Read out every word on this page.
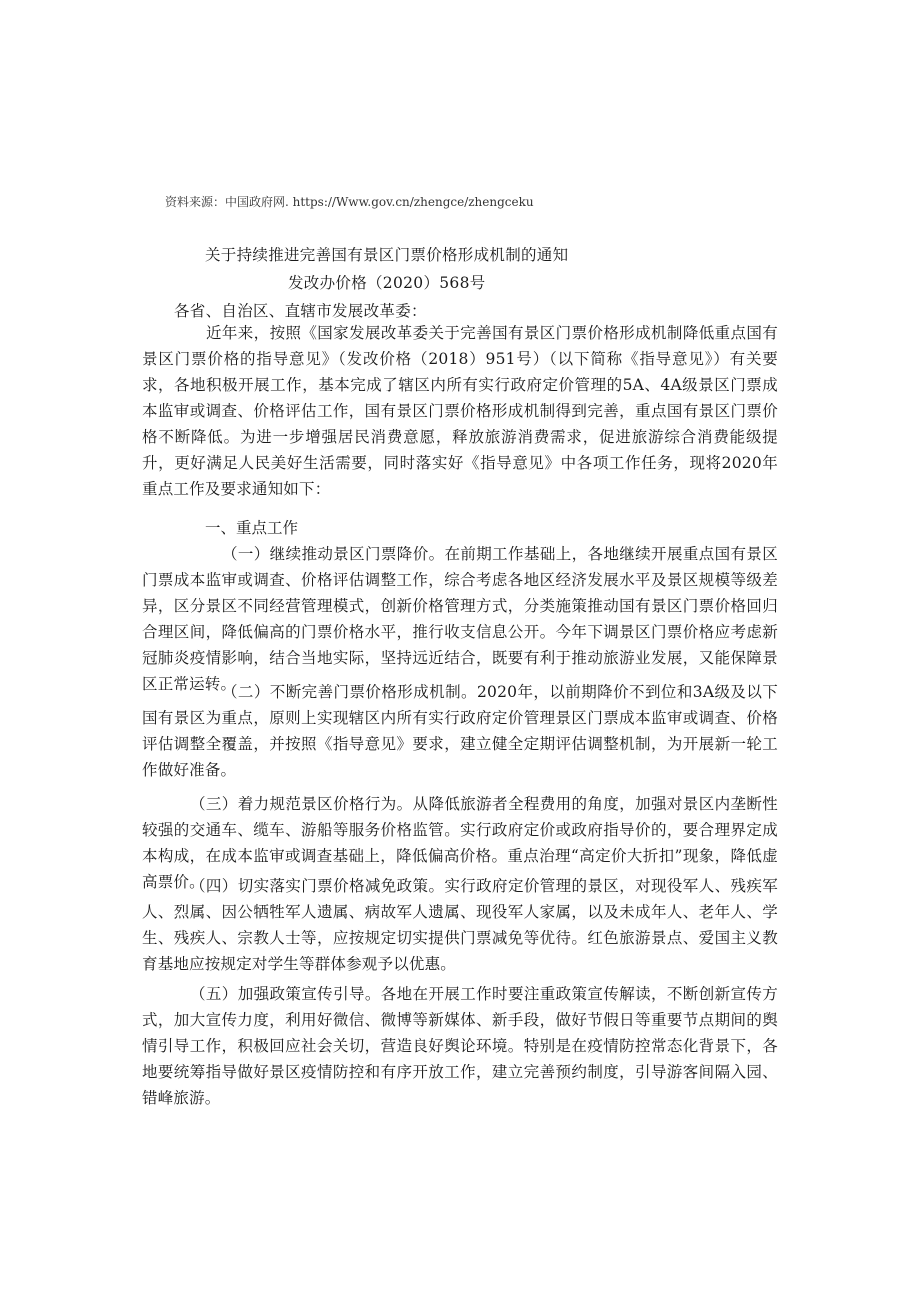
资料来源：中国政府网. https://Www.gov.cn/zhengce/zhengceku
关于持续推进完善国有景区门票价格形成机制的通知
发改办价格（2020）568号
各省、自治区、直辖市发展改革委：
近年来，按照《国家发展改革委关于完善国有景区门票价格形成机制降低重点国有景区门票价格的指导意见》（发改价格（2018）951号）（以下简称《指导意见》）有关要求，各地积极开展工作，基本完成了辖区内所有实行政府定价管理的5A、4A级景区门票成本监审或调查、价格评估工作，国有景区门票价格形成机制得到完善，重点国有景区门票价格不断降低。为进一步增强居民消费意愿，释放旅游消费需求，促进旅游综合消费能级提升，更好满足人民美好生活需要，同时落实好《指导意见》中各项工作任务，现将2020年重点工作及要求通知如下：
一、重点工作
（一）继续推动景区门票降价。在前期工作基础上，各地继续开展重点国有景区门票成本监审或调查、价格评估调整工作，综合考虑各地区经济发展水平及景区规模等级差异，区分景区不同经营管理模式，创新价格管理方式，分类施策推动国有景区门票价格回归合理区间，降低偏高的门票价格水平，推行收支信息公开。今年下调景区门票价格应考虑新冠肺炎疫情影响，结合当地实际，坚持远近结合，既要有利于推动旅游业发展，又能保障景区正常运转。
（二）不断完善门票价格形成机制。2020年，以前期降价不到位和3A级及以下国有景区为重点，原则上实现辖区内所有实行政府定价管理景区门票成本监审或调查、价格评估调整全覆盖，并按照《指导意见》要求，建立健全定期评估调整机制，为开展新一轮工作做好准备。
（三）着力规范景区价格行为。从降低旅游者全程费用的角度，加强对景区内垄断性较强的交通车、缆车、游船等服务价格监管。实行政府定价或政府指导价的，要合理界定成本构成，在成本监审或调查基础上，降低偏高价格。重点治理“高定价大折扣”现象，降低虚高票价。
（四）切实落实门票价格减免政策。实行政府定价管理的景区，对现役军人、残疾军人、烈属、因公牺牲军人遗属、病故军人遗属、现役军人家属，以及未成年人、老年人、学生、残疾人、宗教人士等，应按规定切实提供门票减免等优待。红色旅游景点、爱国主义教育基地应按规定对学生等群体参观予以优惠。
（五）加强政策宣传引导。各地在开展工作时要注重政策宣传解读，不断创新宣传方式，加大宣传力度，利用好微信、微博等新媒体、新手段，做好节假日等重要节点期间的舆情引导工作，积极回应社会关切，营造良好舆论环境。特别是在疫情防控常态化背景下，各地要统筹指导做好景区疫情防控和有序开放工作，建立完善预约制度，引导游客间隔入园、错峰旅游。
